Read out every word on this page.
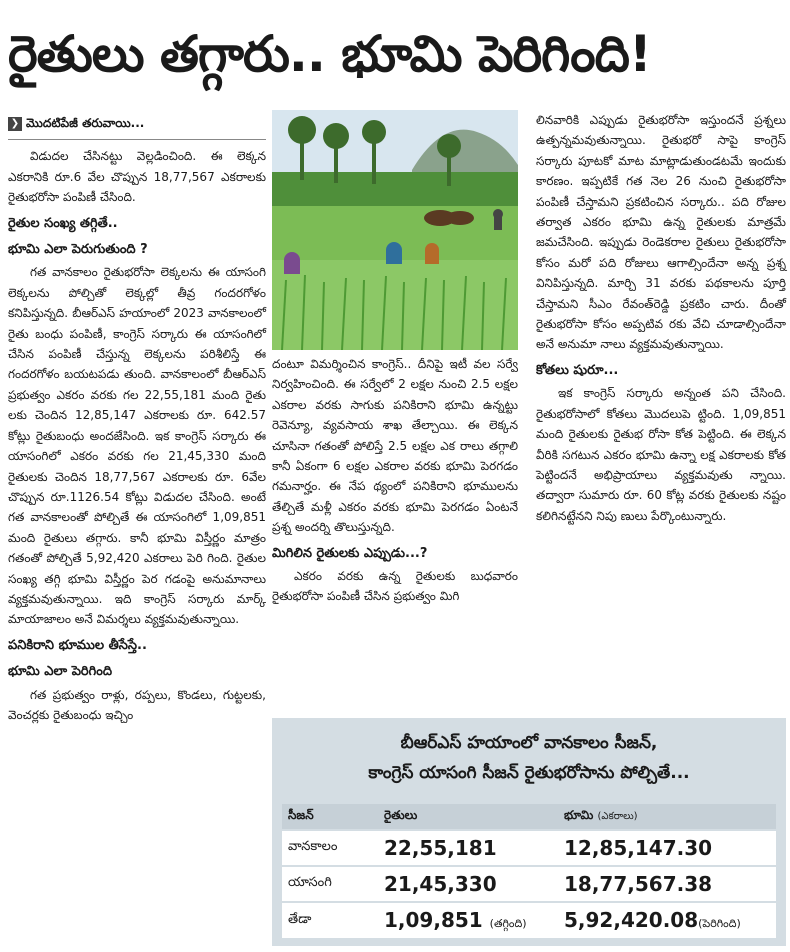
రైతులు తగ్గారు.. భూమి పెరిగింది!
❯ మొదటిపేజీ తరువాయి...

విడుదల చేసినట్టు వెల్లడించింది. ఈ లెక్కన ఎకరానికి రూ.6 వేల చొప్పున 18,77,567 ఎకరాలకు రైతుభరోసా పంపిణీ చేసింది.

రైతుల సంఖ్య తగ్గితే..
భూమి ఎలా పెరుగుతుంది ?

గత వానకాలం రైతుభరోసా లెక్కలను ఈ యాసంగి లెక్కలను పోల్చితో లెక్కల్లో తీవ్ర గందరగోళం కనిపిస్తున్నది. బీఆర్ఎస్ హయాంలో 2023 వానకాలంలో రైతు బంధు పంపిణీ, కాంగ్రెస్ సర్కారు ఈ యాసంగిలో చేసిన పంపిణీ చేస్తున్న లెక్కలను పరిశీలిస్తే ఈ గందరగోళం బయటపడు తుంది. వానకాలంలో బీఆర్ఎస్ ప్రభుత్వం ఎకరం వరకు గల 22,55,181 మంది రైతు లకు చెందిన 12,85,147 ఎకరాలకు రూ. 642.57 కోట్లు రైతుబంధు అందజేసింది. ఇక కాంగ్రెస్ సర్కారు ఈ యాసంగిలో ఎకరం వరకు గల 21,45,330 మంది రైతులకు చెందిన 18,77,567 ఎకరాలకు రూ. 6వేల చొప్పున రూ.1126.54 కోట్లు విడుదల చేసింది. అంటే గత వానకాలంతో పోల్చితే ఈ యాసంగిలో 1,09,851 మంది రైతులు తగ్గారు. కానీ భూమి విస్తీర్ణం మాత్రం గతంతో పోల్చితే 5,92,420 ఎకరాలు పెరి గింది. రైతుల సంఖ్య తగ్గి భూమి విస్తీర్ణం పెర గడంపై అనుమానాలు వ్యక్తమవుతున్నాయి. ఇది కాంగ్రెస్ సర్కారు మార్క్ మాయాజాలం అనే విమర్శలు వ్యక్తమవుతున్నాయి.

పనికిరాని భూముల తీసేస్తే..
భూమి ఎలా పెరిగింది

గత ప్రభుత్వం రాళ్లు, రప్పలు, కొండలు, గుట్టలకు, వెంచర్లకు రైతుబంధు ఇచ్చిం

దంటూ విమర్శించిన కాంగ్రెస్.. దీనిపై ఇటీ వల సర్వే నిర్వహించింది. ఈ సర్వేలో 2 లక్షల నుంచి 2.5 లక్షల ఎకరాల వరకు సాగుకు పనికిరాని భూమి ఉన్నట్టు రెవెన్యూ, వ్యవసాయ శాఖ తేల్చాయి. ఈ లెక్కన చూసినా గతంతో పోలిస్తే 2.5 లక్షల ఎక రాలు తగ్గాలి కానీ ఏకంగా 6 లక్షల ఎకరాల వరకు భూమి పెరగడం గమనార్హం. ఈ నేప థ్యంలో పనికిరాని భూములను తేల్చితే మళ్లీ ఎకరం వరకు భూమి పెరగడం ఏంటనే ప్రశ్న అందర్ని తొలుస్తున్నది.

మిగిలిన రైతులకు ఎప్పుడు...?

ఎకరం వరకు ఉన్న రైతులకు బుధవారం రైతుభరోసా పంపిణీ చేసిన ప్రభుత్వం మిగి

లినవారికి ఎప్పుడు రైతుభరోసా ఇస్తుందనే ప్రశ్నలు ఉత్పన్నమవుతున్నాయి. రైతుభరో సాపై కాంగ్రెస్ సర్కారు పూటకో మాట మాట్లాడుతుండటమే ఇందుకు కారణం. ఇప్పటికే గత నెల 26 నుంచి రైతుభరోసా పంపిణీ చేస్తామని ప్రకటించిన సర్కారు.. పది రోజుల తర్వాత ఎకరం భూమి ఉన్న రైతులకు మాత్రమే జమచేసింది. ఇప్పుడు రెండెకరాల రైతులు రైతుభరోసా కోసం మరో పది రోజులు ఆగాల్సిందేనా అన్న ప్రశ్న వినిపిస్తున్నది. మార్చి 31 వరకు పథకాలను పూర్తి చేస్తామని సీఎం రేవంత్‌రెడ్డి ప్రకటిం చారు. దీంతో రైతుభరోసా కోసం అప్పటివ రకు వేచి చూడాల్సిందేనా అనే అనుమా నాలు వ్యక్తమవుతున్నాయి.

కోతలు షురూ...

ఇక కాంగ్రెస్ సర్కారు అన్నంత పని చేసింది. రైతుభరోసాలో కోతలు మొదలుపె ట్టింది. 1,09,851 మంది రైతులకు రైతుభ రోసా కోత పెట్టింది. ఈ లెక్కన వీరికి సగటున ఎకరం భూమి ఉన్నా లక్ష ఎకరాలకు కోత పెట్టిందనే అభిప్రాయాలు వ్యక్తమవుతు న్నాయి. తద్వారా సుమారు రూ. 60 కోట్ల వరకు రైతులకు నష్టం కలిగినట్టేనని నిపు ణులు పేర్కొంటున్నారు.

బీఆర్ఎస్ హయాంలో వానకాలం సీజన్,
కాంగ్రెస్ యాసంగి సీజన్ రైతుభరోసాను పోల్చితే...
సీజన్	రైతులు	భూమి (ఎకరాలు)
వానకాలం	22,55,181	12,85,147.30
యాసంగి	21,45,330	18,77,567.38
తేడా	1,09,851 (తగ్గింది)	5,92,420.08(పెరిగింది)
